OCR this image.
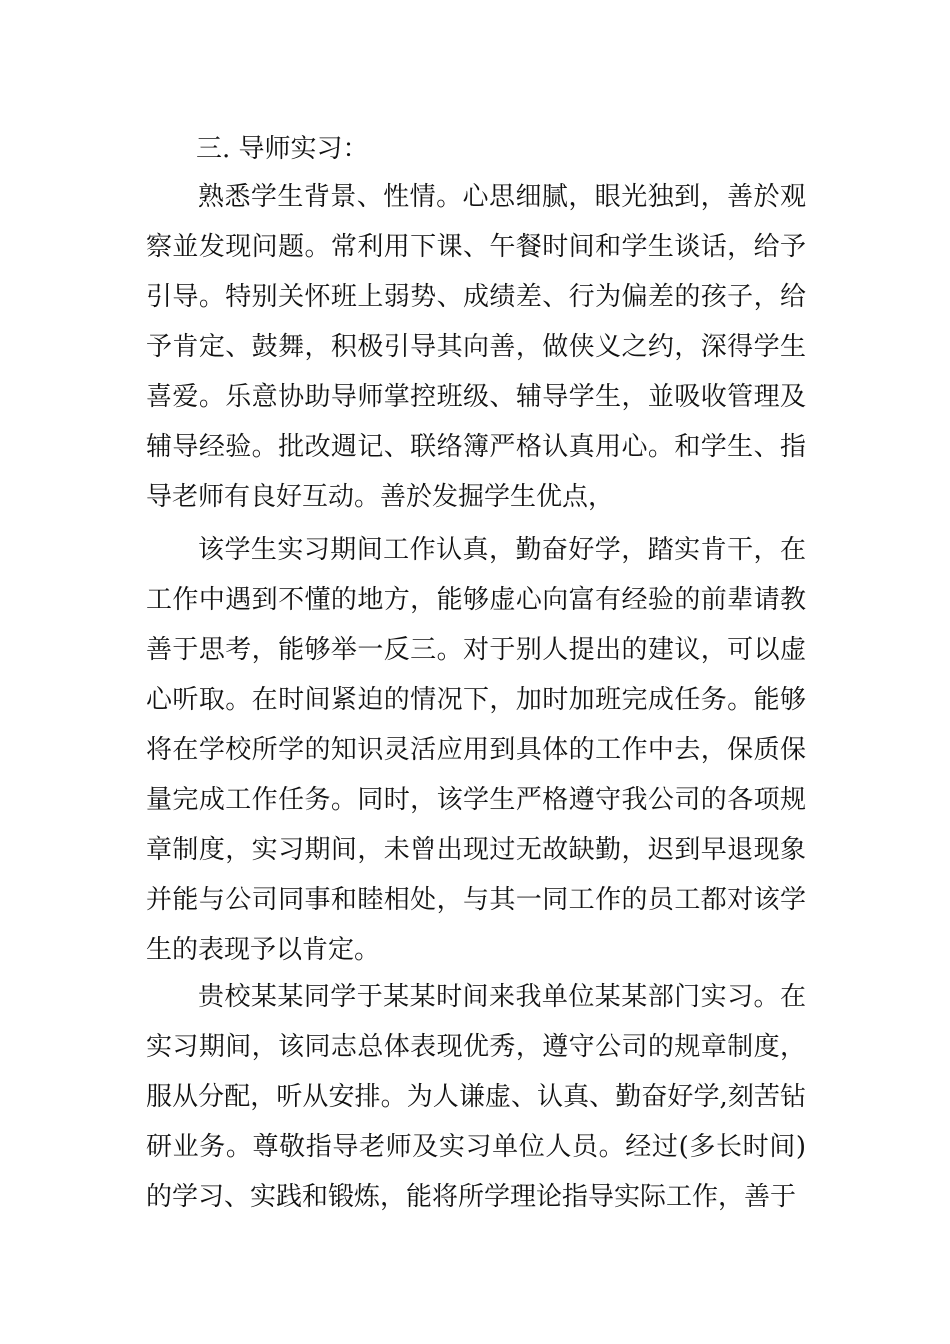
三. 导师实习：

熟悉学生背景、性情。心思细腻，眼光独到，善於观察並发现问题。常利用下课、午餐时间和学生谈话，给予引导。特别关怀班上弱势、成绩差、行为偏差的孩子，给予肯定、鼓舞，积极引导其向善，做侠义之约，深得学生喜爱。乐意协助导师掌控班级、辅导学生，並吸收管理及辅导经验。批改週记、联络簿严格认真用心。和学生、指导老师有良好互动。善於发掘学生优点，

该学生实习期间工作认真，勤奋好学，踏实肯干，在工作中遇到不懂的地方，能够虚心向富有经验的前辈请教善于思考，能够举一反三。对于别人提出的建议，可以虚心听取。在时间紧迫的情况下，加时加班完成任务。能够将在学校所学的知识灵活应用到具体的工作中去，保质保量完成工作任务。同时，该学生严格遵守我公司的各项规章制度，实习期间，未曾出现过无故缺勤，迟到早退现象并能与公司同事和睦相处，与其一同工作的员工都对该学生的表现予以肯定。

贵校某某同学于某某时间来我单位某某部门实习。在实习期间，该同志总体表现优秀，遵守公司的规章制度，服从分配，听从安排。为人谦虚、认真、勤奋好学,刻苦钻研业务。尊敬指导老师及实习单位人员。经过(多长时间)的学习、实践和锻炼，能将所学理论指导实际工作，善于
